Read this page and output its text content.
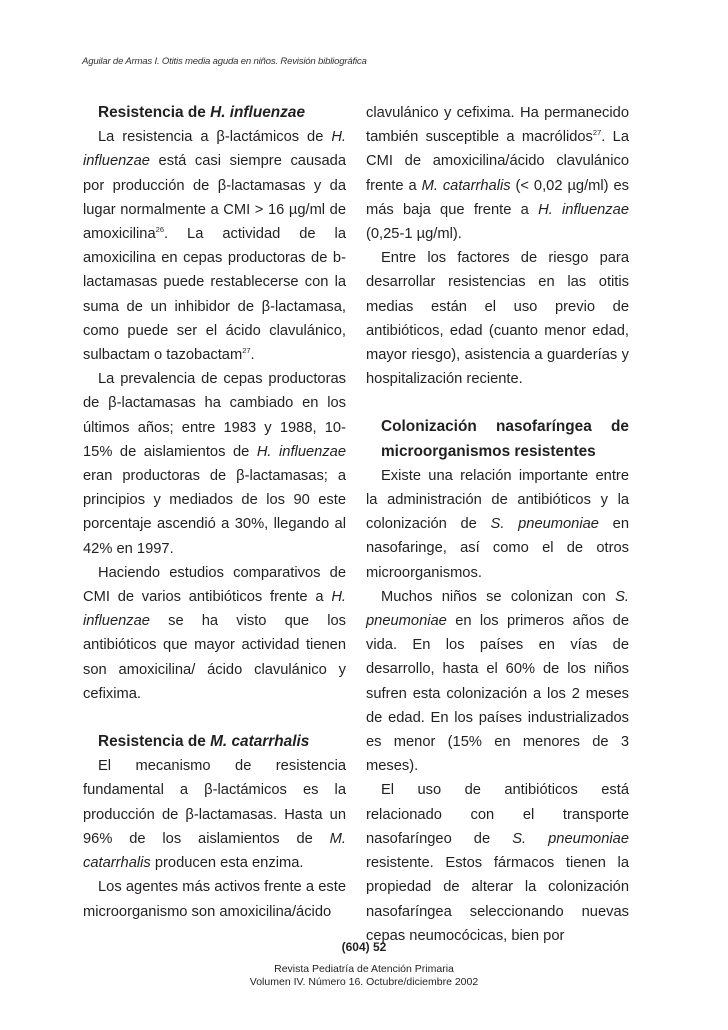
Aguilar de Armas I. Otitis media aguda en niños. Revisión bibliográfica
Resistencia de H. influenzae

La resistencia a β-lactámicos de H. influenzae está casi siempre causada por producción de β-lactamasas y da lugar normalmente a CMI > 16 µg/ml de amoxicilina$^{26}$. La actividad de la amoxicilina en cepas productoras de b-lactamasas puede restablecerse con la suma de un inhibidor de β-lactamasa, como puede ser el ácido clavulánico, sulbactam o tazobactam$^{27}$.

La prevalencia de cepas productoras de β-lactamasas ha cambiado en los últimos años; entre 1983 y 1988, 10-15% de aislamientos de H. influenzae eran productoras de β-lactamasas; a principios y mediados de los 90 este porcentaje ascendió a 30%, llegando al 42% en 1997.

Haciendo estudios comparativos de CMI de varios antibióticos frente a H. influenzae se ha visto que los antibióticos que mayor actividad tienen son amoxicilina/ ácido clavulánico y cefixima.

Resistencia de M. catarrhalis

El mecanismo de resistencia fundamental a β-lactámicos es la producción de β-lactamasas. Hasta un 96% de los aislamientos de M. catarrhalis producen esta enzima.

Los agentes más activos frente a este microorganismo son amoxicilina/ácido

clavulánico y cefixima. Ha permanecido también susceptible a macrólidos$^{27}$. La CMI de amoxicilina/ácido clavulánico frente a M. catarrhalis (< 0,02 µg/ml) es más baja que frente a H. influenzae (0,25-1 µg/ml).

Entre los factores de riesgo para desarrollar resistencias en las otitis medias están el uso previo de antibióticos, edad (cuanto menor edad, mayor riesgo), asistencia a guarderías y hospitalización reciente.

Colonización nasofaríngea de microorganismos resistentes

Existe una relación importante entre la administración de antibióticos y la colonización de S. pneumoniae en nasofaringe, así como el de otros microorganismos.

Muchos niños se colonizan con S. pneumoniae en los primeros años de vida. En los países en vías de desarrollo, hasta el 60% de los niños sufren esta colonización a los 2 meses de edad. En los países industrializados es menor (15% en menores de 3 meses).

El uso de antibióticos está relacionado con el transporte nasofaríngeo de S. pneumoniae resistente. Estos fármacos tienen la propiedad de alterar la colonización nasofaríngea seleccionando nuevas cepas neumocócicas, bien por

(604) 52
Revista Pediatría de Atención Primaria
Volumen IV. Número 16. Octubre/diciembre 2002
